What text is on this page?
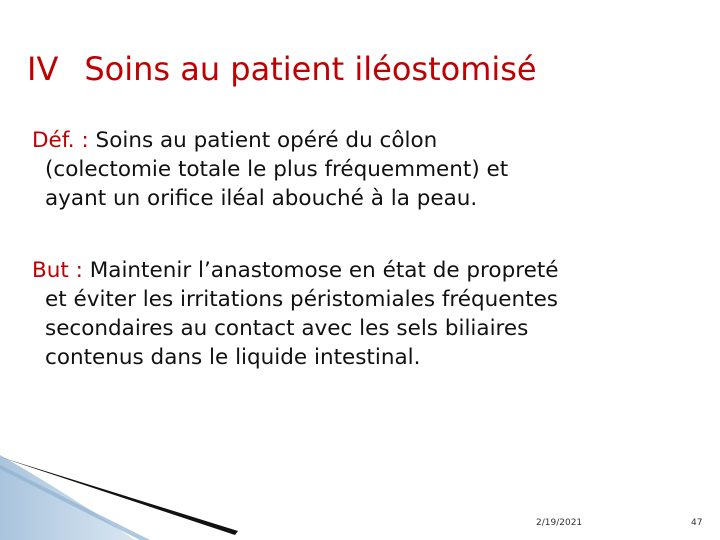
IV Soins au patient iléostomisé
Déf. : Soins au patient opéré du côlon
(colectomie totale le plus fréquemment) et
ayant un orifice iléal abouché à la peau.
But : Maintenir l’anastomose en état de propreté
et éviter les irritations péristomiales fréquentes
secondaires au contact avec les sels biliaires
contenus dans le liquide intestinal.
2/19/2021	47
